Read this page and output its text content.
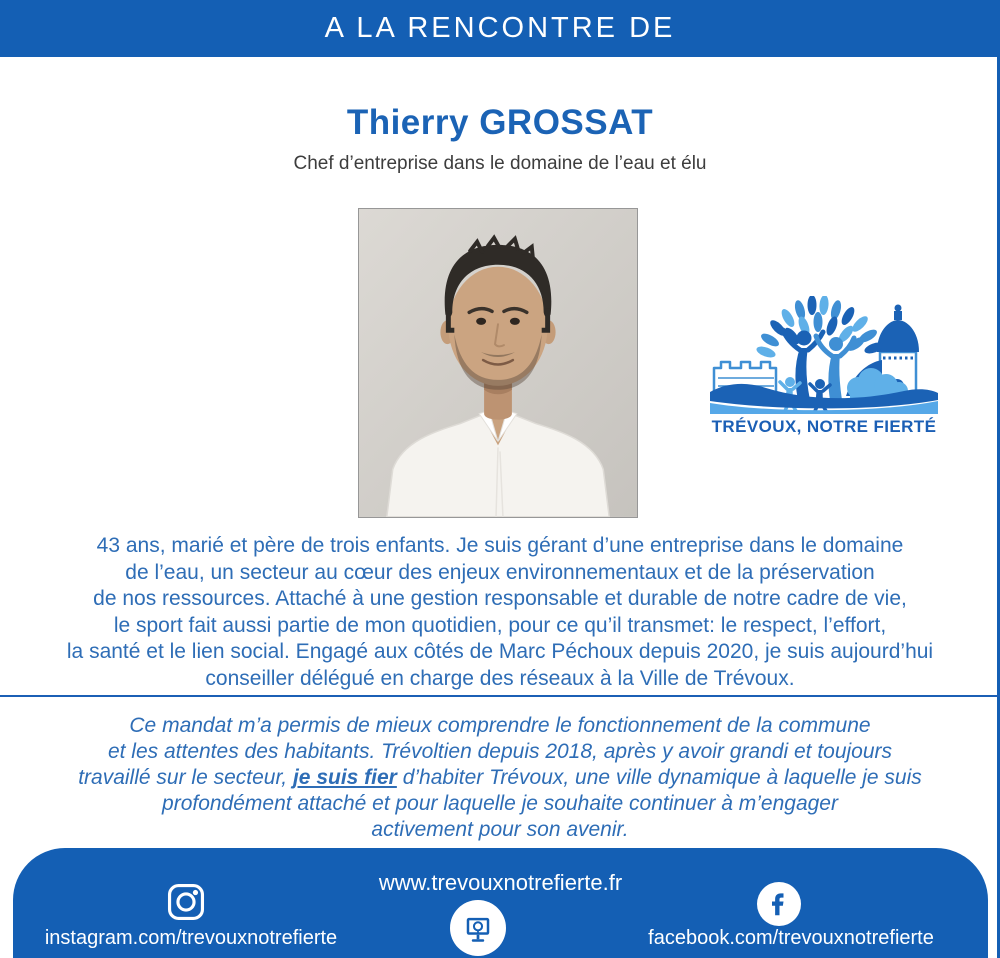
A LA RENCONTRE DE
Thierry GROSSAT
Chef d’entreprise dans le domaine de l’eau et élu
TRÉVOUX, NOTRE FIERTÉ
43 ans, marié et père de trois enfants. Je suis gérant d’une entreprise dans le domaine
de l’eau, un secteur au cœur des enjeux environnementaux et de la préservation
de nos ressources. Attaché à une gestion responsable et durable de notre cadre de vie,
le sport fait aussi partie de mon quotidien, pour ce qu’il transmet: le respect, l’effort,
la santé et le lien social. Engagé aux côtés de Marc Péchoux depuis 2020, je suis aujourd’hui
conseiller délégué en charge des réseaux à la Ville de Trévoux.
Ce mandat m’a permis de mieux comprendre le fonctionnement de la commune
et les attentes des habitants. Trévoltien depuis 2018, après y avoir grandi et toujours
travaillé sur le secteur, je suis fier d’habiter Trévoux, une ville dynamique à laquelle je suis
profondément attaché et pour laquelle je souhaite continuer à m’engager
activement pour son avenir.
www.trevouxnotrefierte.fr
instagram.com/trevouxnotrefierte	facebook.com/trevouxnotrefierte
